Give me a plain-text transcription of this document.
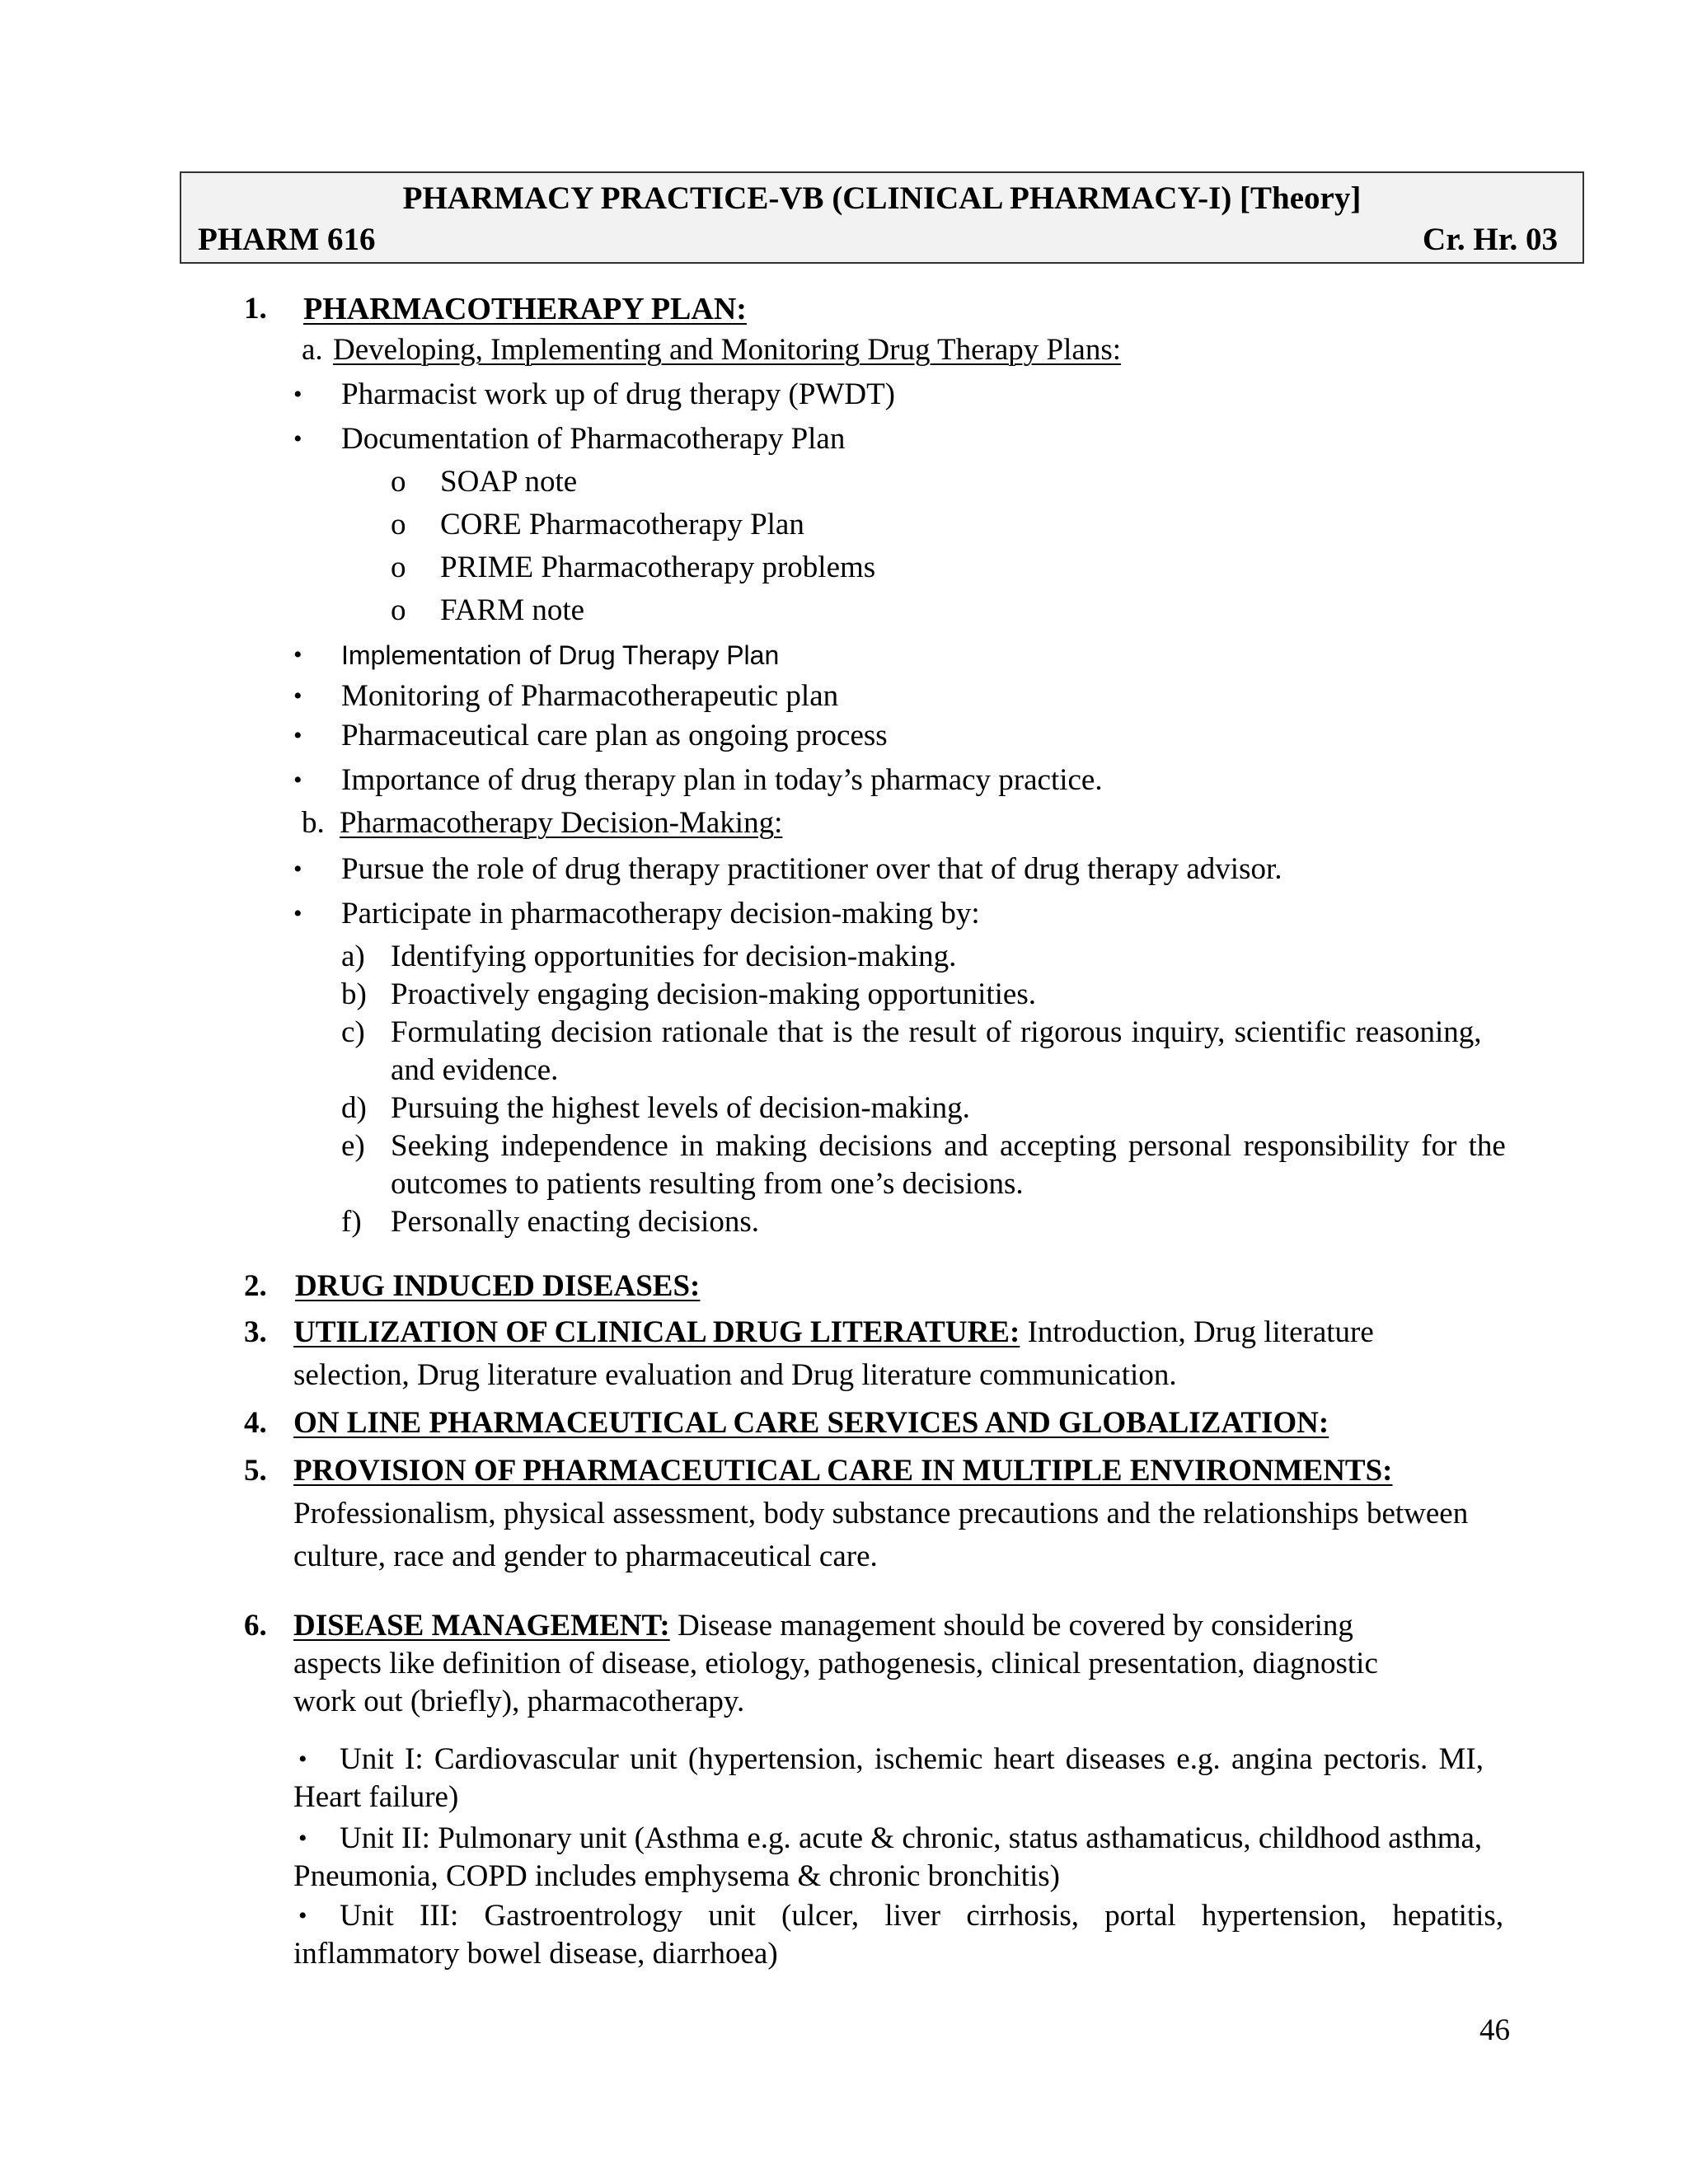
PHARMACY PRACTICE-VB (CLINICAL PHARMACY-I) [Theory]
PHARM 616	Cr. Hr. 03
1. PHARMACOTHERAPY PLAN:
a. Developing, Implementing and Monitoring Drug Therapy Plans:
• Pharmacist work up of drug therapy (PWDT)
• Documentation of Pharmacotherapy Plan
o SOAP note
o CORE Pharmacotherapy Plan
o PRIME Pharmacotherapy problems
o FARM note
• Implementation of Drug Therapy Plan
• Monitoring of Pharmacotherapeutic plan
• Pharmaceutical care plan as ongoing process
• Importance of drug therapy plan in today’s pharmacy practice.
b. Pharmacotherapy Decision-Making:
• Pursue the role of drug therapy practitioner over that of drug therapy advisor.
• Participate in pharmacotherapy decision-making by:
a) Identifying opportunities for decision-making.
b) Proactively engaging decision-making opportunities.
c) Formulating decision rationale that is the result of rigorous inquiry, scientific reasoning,
and evidence.
d) Pursuing the highest levels of decision-making.
e) Seeking independence in making decisions and accepting personal responsibility for the
outcomes to patients resulting from one’s decisions.
f) Personally enacting decisions.
2. DRUG INDUCED DISEASES:
3. UTILIZATION OF CLINICAL DRUG LITERATURE: Introduction, Drug literature
selection, Drug literature evaluation and Drug literature communication.
4. ON LINE PHARMACEUTICAL CARE SERVICES AND GLOBALIZATION:
5. PROVISION OF PHARMACEUTICAL CARE IN MULTIPLE ENVIRONMENTS:
Professionalism, physical assessment, body substance precautions and the relationships between
culture, race and gender to pharmaceutical care.
6. DISEASE MANAGEMENT: Disease management should be covered by considering
aspects like definition of disease, etiology, pathogenesis, clinical presentation, diagnostic
work out (briefly), pharmacotherapy.
• Unit I: Cardiovascular unit (hypertension, ischemic heart diseases e.g. angina pectoris. MI,
Heart failure)
• Unit II: Pulmonary unit (Asthma e.g. acute & chronic, status asthamaticus, childhood asthma,
Pneumonia, COPD includes emphysema & chronic bronchitis)
• Unit III: Gastroentrology unit (ulcer, liver cirrhosis, portal hypertension, hepatitis,
inflammatory bowel disease, diarrhoea)
46
